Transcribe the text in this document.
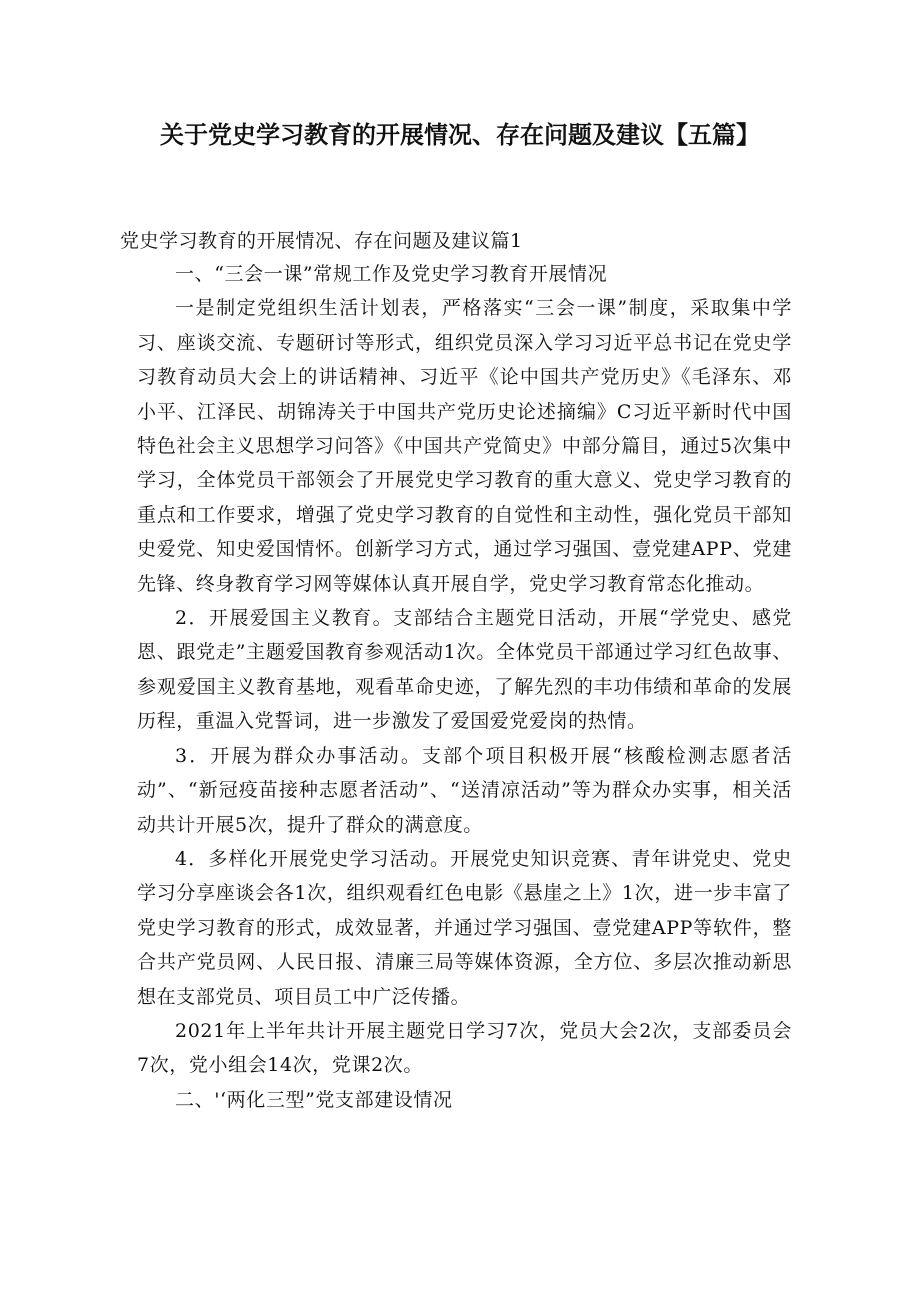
关于党史学习教育的开展情况、存在问题及建议【五篇】
党史学习教育的开展情况、存在问题及建议篇1

一、“三会一课”常规工作及党史学习教育开展情况

一是制定党组织生活计划表，严格落实“三会一课”制度，采取集中学习、座谈交流、专题研讨等形式，组织党员深入学习习近平总书记在党史学习教育动员大会上的讲话精神、习近平《论中国共产党历史》《毛泽东、邓小平、江泽民、胡锦涛关于中国共产党历史论述摘编》C习近平新时代中国特色社会主义思想学习问答》《中国共产党简史》中部分篇目，通过5次集中学习，全体党员干部领会了开展党史学习教育的重大意义、党史学习教育的重点和工作要求，增强了党史学习教育的自觉性和主动性，强化党员干部知史爱党、知史爱国情怀。创新学习方式，通过学习强国、壹党建APP、党建先锋、终身教育学习网等媒体认真开展自学，党史学习教育常态化推动。

2．开展爱国主义教育。支部结合主题党日活动，开展“学党史、感党恩、跟党走”主题爱国教育参观活动1次。全体党员干部通过学习红色故事、参观爱国主义教育基地，观看革命史迹，了解先烈的丰功伟绩和革命的发展历程，重温入党誓词，进一步激发了爱国爱党爱岗的热情。

3．开展为群众办事活动。支部个项目积极开展“核酸检测志愿者活动”、“新冠疫苗接种志愿者活动”、“送清凉活动”等为群众办实事，相关活动共计开展5次，提升了群众的满意度。

4．多样化开展党史学习活动。开展党史知识竞赛、青年讲党史、党史学习分享座谈会各1次，组织观看红色电影《悬崖之上》1次，进一步丰富了党史学习教育的形式，成效显著，并通过学习强国、壹党建APP等软件，整合共产党员网、人民日报、清廉三局等媒体资源，全方位、多层次推动新思想在支部党员、项目员工中广泛传播。

2021年上半年共计开展主题党日学习7次，党员大会2次，支部委员会7次，党小组会14次，党课2次。

二、'‘两化三型”党支部建设情况
